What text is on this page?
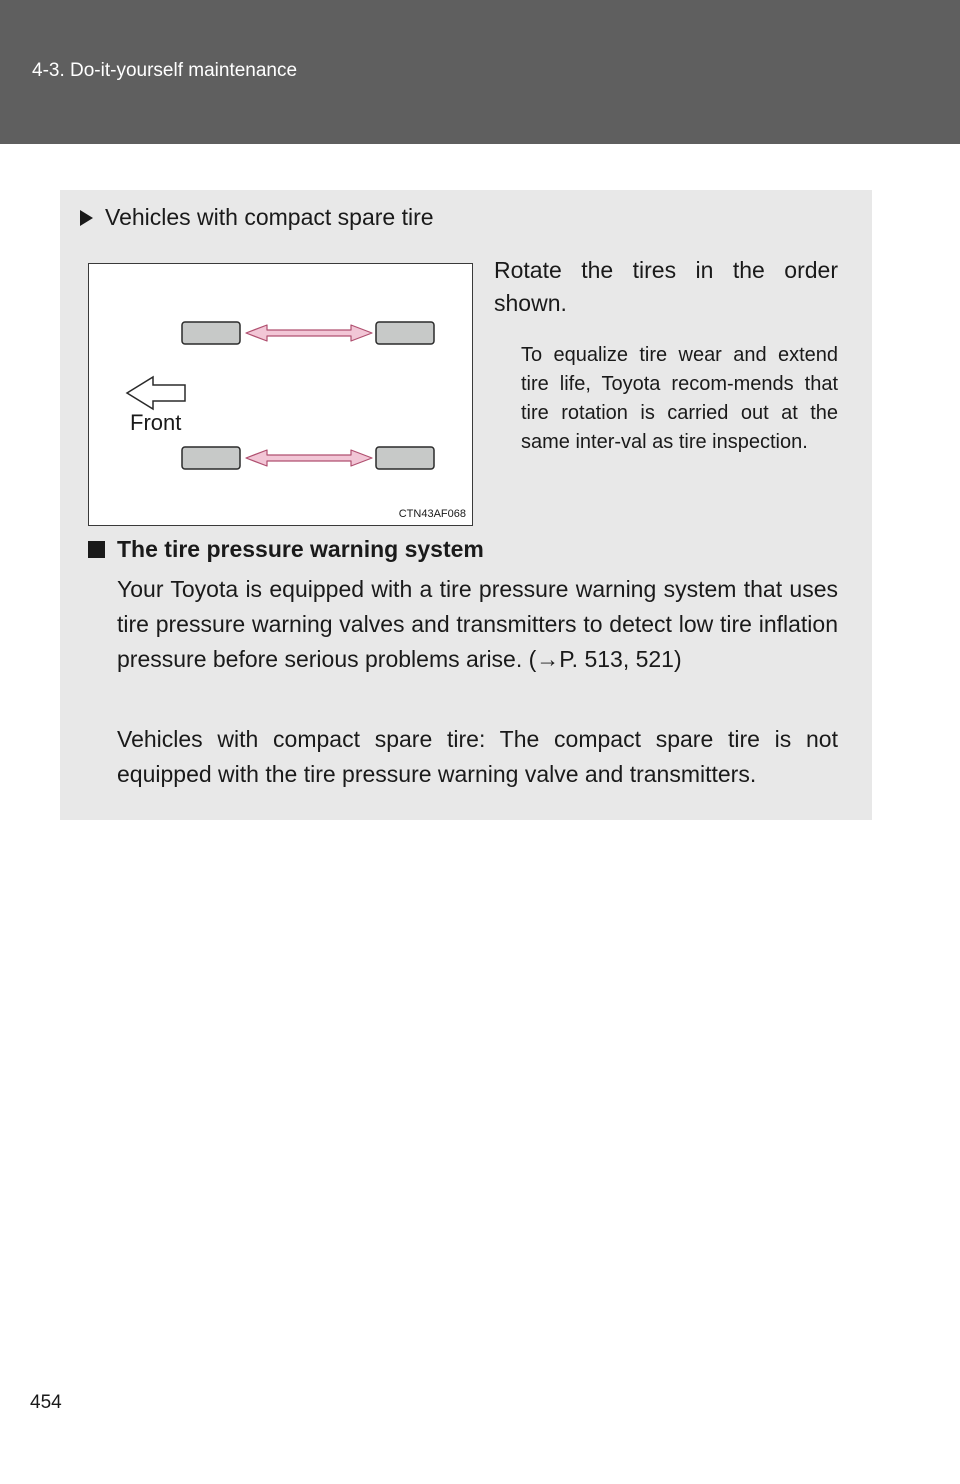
4-3. Do-it-yourself maintenance
Vehicles with compact spare tire
Front
CTN43AF068
Rotate the tires in the order shown.
To equalize tire wear and extend tire life, Toyota recom-mends that tire rotation is carried out at the same inter-val as tire inspection.
The tire pressure warning system
Your Toyota is equipped with a tire pressure warning system that uses tire pressure warning valves and transmitters to detect low tire inflation pressure before serious problems arise. (→P. 513, 521)
Vehicles with compact spare tire: The compact spare tire is not equipped with the tire pressure warning valve and transmitters.
454
